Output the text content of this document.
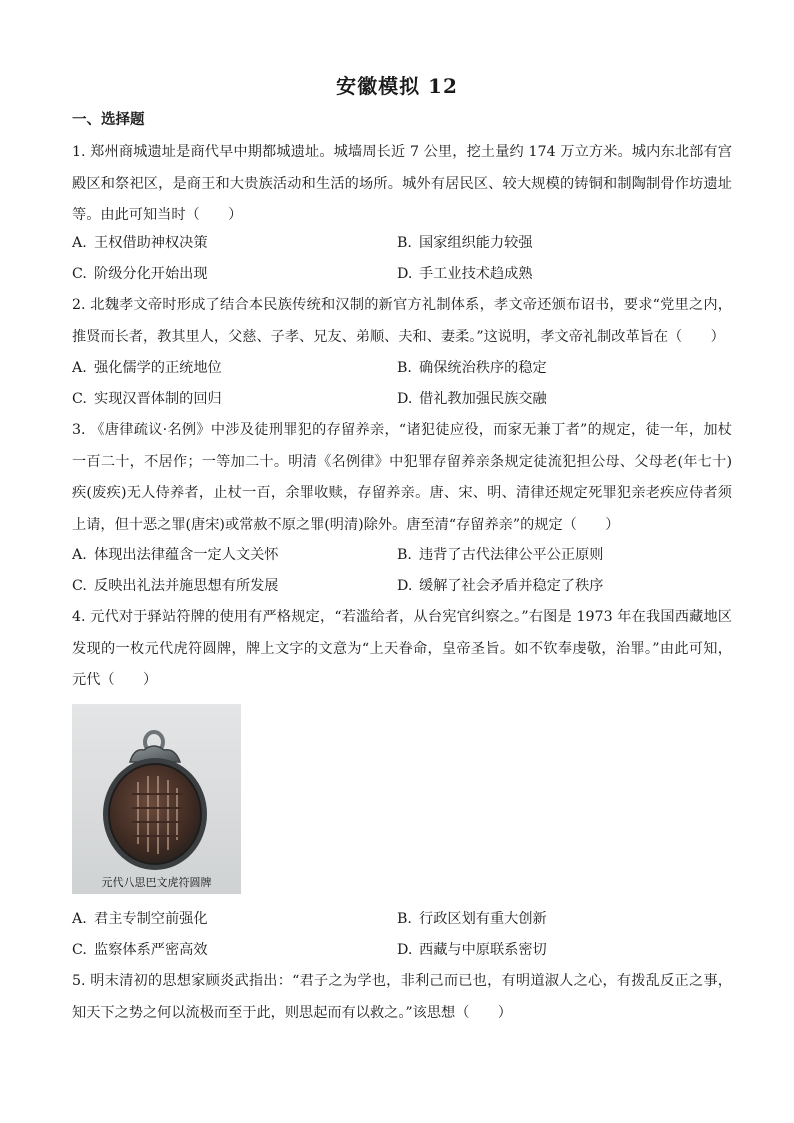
安徽模拟 12
一、选择题
1. 郑州商城遗址是商代早中期都城遗址。城墙周长近 7 公里，挖土量约 174 万立方米。城内东北部有宫殿区和祭祀区，是商王和大贵族活动和生活的场所。城外有居民区、较大规模的铸铜和制陶制骨作坊遗址等。由此可知当时（　　）
A. 王权借助神权决策	B. 国家组织能力较强
C. 阶级分化开始出现	D. 手工业技术趋成熟
2. 北魏孝文帝时形成了结合本民族传统和汉制的新官方礼制体系，孝文帝还颁布诏书，要求“党里之内，推贤而长者，教其里人，父慈、子孝、兄友、弟顺、夫和、妻柔。”这说明，孝文帝礼制改革旨在（　　）
A. 强化儒学的正统地位	B. 确保统治秩序的稳定
C. 实现汉晋体制的回归	D. 借礼教加强民族交融
3. 《唐律疏议·名例》中涉及徒刑罪犯的存留养亲，“诸犯徒应役，而家无兼丁者”的规定，徒一年，加杖一百二十，不居作；一等加二十。明清《名例律》中犯罪存留养亲条规定徒流犯担公母、父母老(年七十)疾(废疾)无人侍养者，止杖一百，余罪收赎，存留养亲。唐、宋、明、清律还规定死罪犯亲老疾应侍者须上请，但十恶之罪(唐宋)或常赦不原之罪(明清)除外。唐至清“存留养亲”的规定（　　）
A. 体现出法律蕴含一定人文关怀	B. 违背了古代法律公平公正原则
C. 反映出礼法并施思想有所发展	D. 缓解了社会矛盾并稳定了秩序
4. 元代对于驿站符牌的使用有严格规定，“若滥给者，从台宪官纠察之。”右图是 1973 年在我国西藏地区发现的一枚元代虎符圆牌，牌上文字的文意为“上天眷命，皇帝圣旨。如不钦奉虔敬，治罪。”由此可知，元代（　　）
元代八思巴文虎符圆牌
A. 君主专制空前强化	B. 行政区划有重大创新
C. 监察体系严密高效	D. 西藏与中原联系密切
5. 明末清初的思想家顾炎武指出：“君子之为学也，非利己而已也，有明道淑人之心，有拨乱反正之事，知天下之势之何以流极而至于此，则思起而有以救之。”该思想（　　）
